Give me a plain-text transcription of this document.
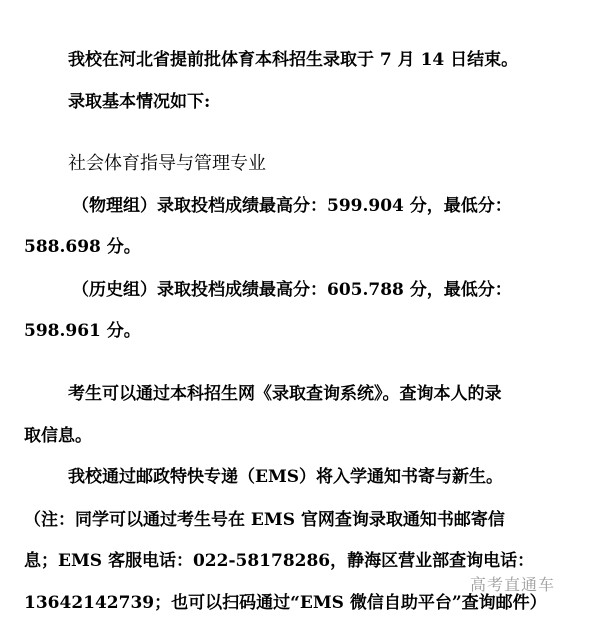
我校在河北省提前批体育本科招生录取于 7 月 14 日结束。

录取基本情况如下:

社会体育指导与管理专业

（物理组）录取投档成绩最高分：599.904 分，最低分：

588.698 分。

（历史组）录取投档成绩最高分：605.788 分，最低分：

598.961 分。

考生可以通过本科招生网《录取查询系统》。查询本人的录

取信息。

我校通过邮政特快专递（EMS）将入学通知书寄与新生。

（注：同学可以通过考生号在 EMS 官网查询录取通知书邮寄信

息；EMS 客服电话：022-58178286，静海区营业部查询电话：

13642142739；也可以扫码通过“EMS 微信自助平台”查询邮件）

高考直通车
